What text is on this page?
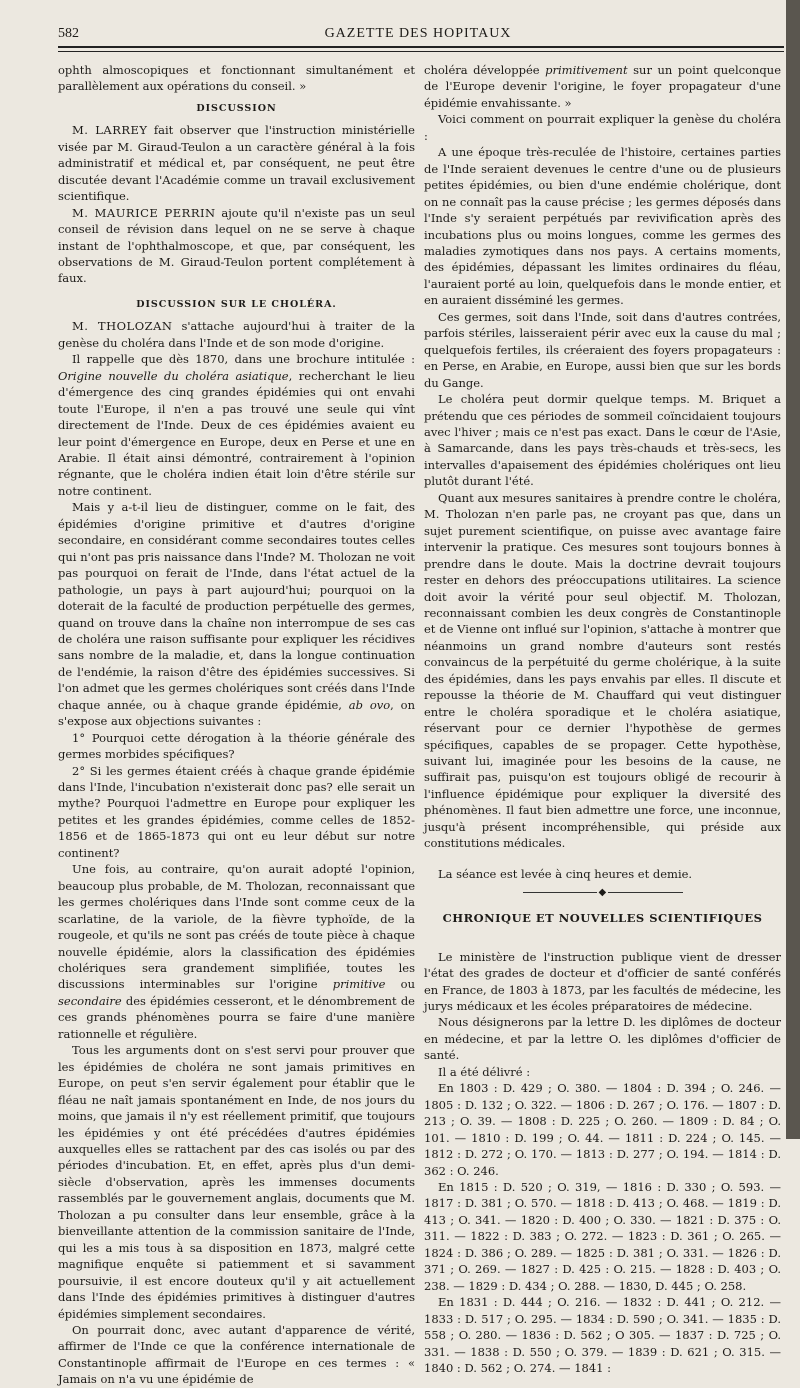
582	GAZETTE DES HOPITAUX

ophth almoscopiques et fonctionnant simultanément et parallèlement aux opérations du conseil. »

DISCUSSION

M. LARREY fait observer que l'instruction ministérielle visée par M. Giraud-Teulon a un caractère général à la fois administratif et médical et, par conséquent, ne peut être discutée devant l'Académie comme un travail exclusivement scientifique.

M. MAURICE PERRIN ajoute qu'il n'existe pas un seul conseil de révision dans lequel on ne se serve à chaque instant de l'ophthalmoscope, et que, par conséquent, les observations de M. Giraud-Teulon portent complétement à faux.

DISCUSSION SUR LE CHOLÉRA.

M. THOLOZAN s'attache aujourd'hui à traiter de la genèse du choléra dans l'Inde et de son mode d'origine.

Il rappelle que dès 1870, dans une brochure intitulée : Origine nouvelle du choléra asiatique, recherchant le lieu d'émergence des cinq grandes épidémies qui ont envahi toute l'Europe, il n'en a pas trouvé une seule qui vînt directement de l'Inde. Deux de ces épidémies avaient eu leur point d'émergence en Europe, deux en Perse et une en Arabie. Il était ainsi démontré, contrairement à l'opinion régnante, que le choléra indien était loin d'être stérile sur notre continent.

Mais y a-t-il lieu de distinguer, comme on le fait, des épidémies d'origine primitive et d'autres d'origine secondaire, en considérant comme secondaires toutes celles qui n'ont pas pris naissance dans l'Inde? M. Tholozan ne voit pas pourquoi on ferait de l'Inde, dans l'état actuel de la pathologie, un pays à part aujourd'hui; pourquoi on la doterait de la faculté de production perpétuelle des germes, quand on trouve dans la chaîne non interrompue de ses cas de choléra une raison suffisante pour expliquer les récidives sans nombre de la maladie, et, dans la longue continuation de l'endémie, la raison d'être des épidémies successives. Si l'on admet que les germes cholériques sont créés dans l'Inde chaque année, ou à chaque grande épidémie, ab ovo, on s'expose aux objections suivantes :

1° Pourquoi cette dérogation à la théorie générale des germes morbides spécifiques?

2° Si les germes étaient créés à chaque grande épidémie dans l'Inde, l'incubation n'existerait donc pas? elle serait un mythe? Pourquoi l'admettre en Europe pour expliquer les petites et les grandes épidémies, comme celles de 1852-1856 et de 1865-1873 qui ont eu leur début sur notre continent?

Une fois, au contraire, qu'on aurait adopté l'opinion, beaucoup plus probable, de M. Tholozan, reconnaissant que les germes cholériques dans l'Inde sont comme ceux de la scarlatine, de la variole, de la fièvre typhoïde, de la rougeole, et qu'ils ne sont pas créés de toute pièce à chaque nouvelle épidémie, alors la classification des épidémies cholériques sera grandement simplifiée, toutes les discussions interminables sur l'origine primitive ou secondaire des épidémies cesseront, et le dénombrement de ces grands phénomènes pourra se faire d'une manière rationnelle et régulière.

Tous les arguments dont on s'est servi pour prouver que les épidémies de choléra ne sont jamais primitives en Europe, on peut s'en servir également pour établir que le fléau ne naît jamais spontanément en Inde, de nos jours du moins, que jamais il n'y est réellement primitif, que toujours les épidémies y ont été précédées d'autres épidémies auxquelles elles se rattachent par des cas isolés ou par des périodes d'incubation. Et, en effet, après plus d'un demi-siècle d'observation, après les immenses documents rassemblés par le gouvernement anglais, documents que M. Tholozan a pu consulter dans leur ensemble, grâce à la bienveillante attention de la commission sanitaire de l'Inde, qui les a mis tous à sa disposition en 1873, malgré cette magnifique enquête si patiemment et si savamment poursuivie, il est encore douteux qu'il y ait actuellement dans l'Inde des épidémies primitives à distinguer d'autres épidémies simplement secondaires.

On pourrait donc, avec autant d'apparence de vérité, affirmer de l'Inde ce que la conférence internationale de Constantinople affirmait de l'Europe en ces termes : « Jamais on n'a vu une épidémie de

choléra développée primitivement sur un point quelconque de l'Europe devenir l'origine, le foyer propagateur d'une épidémie envahissante. »

Voici comment on pourrait expliquer la genèse du choléra :

A une époque très-reculée de l'histoire, certaines parties de l'Inde seraient devenues le centre d'une ou de plusieurs petites épidémies, ou bien d'une endémie cholérique, dont on ne connaît pas la cause précise ; les germes déposés dans l'Inde s'y seraient perpétués par revivification après des incubations plus ou moins longues, comme les germes des maladies zymotiques dans nos pays. A certains moments, des épidémies, dépassant les limites ordinaires du fléau, l'auraient porté au loin, quelquefois dans le monde entier, et en auraient disséminé les germes.

Ces germes, soit dans l'Inde, soit dans d'autres contrées, parfois stériles, laisseraient périr avec eux la cause du mal ; quelquefois fertiles, ils créeraient des foyers propagateurs : en Perse, en Arabie, en Europe, aussi bien que sur les bords du Gange.

Le choléra peut dormir quelque temps. M. Briquet a prétendu que ces périodes de sommeil coïncidaient toujours avec l'hiver ; mais ce n'est pas exact. Dans le cœur de l'Asie, à Samarcande, dans les pays très-chauds et très-secs, les intervalles d'apaisement des épidémies cholériques ont lieu plutôt durant l'été.

Quant aux mesures sanitaires à prendre contre le choléra, M. Tholozan n'en parle pas, ne croyant pas que, dans un sujet purement scientifique, on puisse avec avantage faire intervenir la pratique. Ces mesures sont toujours bonnes à prendre dans le doute. Mais la doctrine devrait toujours rester en dehors des préoccupations utilitaires. La science doit avoir la vérité pour seul objectif. M. Tholozan, reconnaissant combien les deux congrès de Constantinople et de Vienne ont influé sur l'opinion, s'attache à montrer que néanmoins un grand nombre d'auteurs sont restés convaincus de la perpétuité du germe cholérique, à la suite des épidémies, dans les pays envahis par elles. Il discute et repousse la théorie de M. Chauffard qui veut distinguer entre le choléra sporadique et le choléra asiatique, réservant pour ce dernier l'hypothèse de germes spécifiques, capables de se propager. Cette hypothèse, suivant lui, imaginée pour les besoins de la cause, ne suffirait pas, puisqu'on est toujours obligé de recourir à l'influence épidémique pour expliquer la diversité des phénomènes. Il faut bien admettre une force, une inconnue, jusqu'à présent incompréhensible, qui préside aux constitutions médicales.

La séance est levée à cinq heures et demie.

◆
CHRONIQUE ET NOUVELLES SCIENTIFIQUES

Le ministère de l'instruction publique vient de dresser l'état des grades de docteur et d'officier de santé conférés en France, de 1803 à 1873, par les facultés de médecine, les jurys médicaux et les écoles préparatoires de médecine.

Nous désignerons par la lettre D. les diplômes de docteur en médecine, et par la lettre O. les diplômes d'officier de santé.

Il a été délivré :

En 1803 : D. 429 ; O. 380. — 1804 : D. 394 ; O. 246. — 1805 : D. 132 ; O. 322. — 1806 : D. 267 ; O. 176. — 1807 : D. 213 ; O. 39. — 1808 : D. 225 ; O. 260. — 1809 : D. 84 ; O. 101. — 1810 : D. 199 ; O. 44. — 1811 : D. 224 ; O. 145. — 1812 : D. 272 ; O. 170. — 1813 : D. 277 ; O. 194. — 1814 : D. 362 : O. 246.

En 1815 : D. 520 ; O. 319, — 1816 : D. 330 ; O. 593. — 1817 : D. 381 ; O. 570. — 1818 : D. 413 ; O. 468. — 1819 : D. 413 ; O. 341. — 1820 : D. 400 ; O. 330. — 1821 : D. 375 : O. 311. — 1822 : D. 383 ; O. 272. — 1823 : D. 361 ; O. 265. — 1824 : D. 386 ; O. 289. — 1825 : D. 381 ; O. 331. — 1826 : D. 371 ; O. 269. — 1827 : D. 425 : O. 215. — 1828 : D. 403 ; O. 238. — 1829 : D. 434 ; O. 288. — 1830, D. 445 ; O. 258.

En 1831 : D. 444 ; O. 216. — 1832 : D. 441 ; O. 212. — 1833 : D. 517 ; O. 295. — 1834 : D. 590 ; O. 341. — 1835 : D. 558 ; O. 280. — 1836 : D. 562 ; O 305. — 1837 : D. 725 ; O. 331. — 1838 : D. 550 ; O. 379. — 1839 : D. 621 ; O. 315. — 1840 : D. 562 ; O. 274. — 1841 :
